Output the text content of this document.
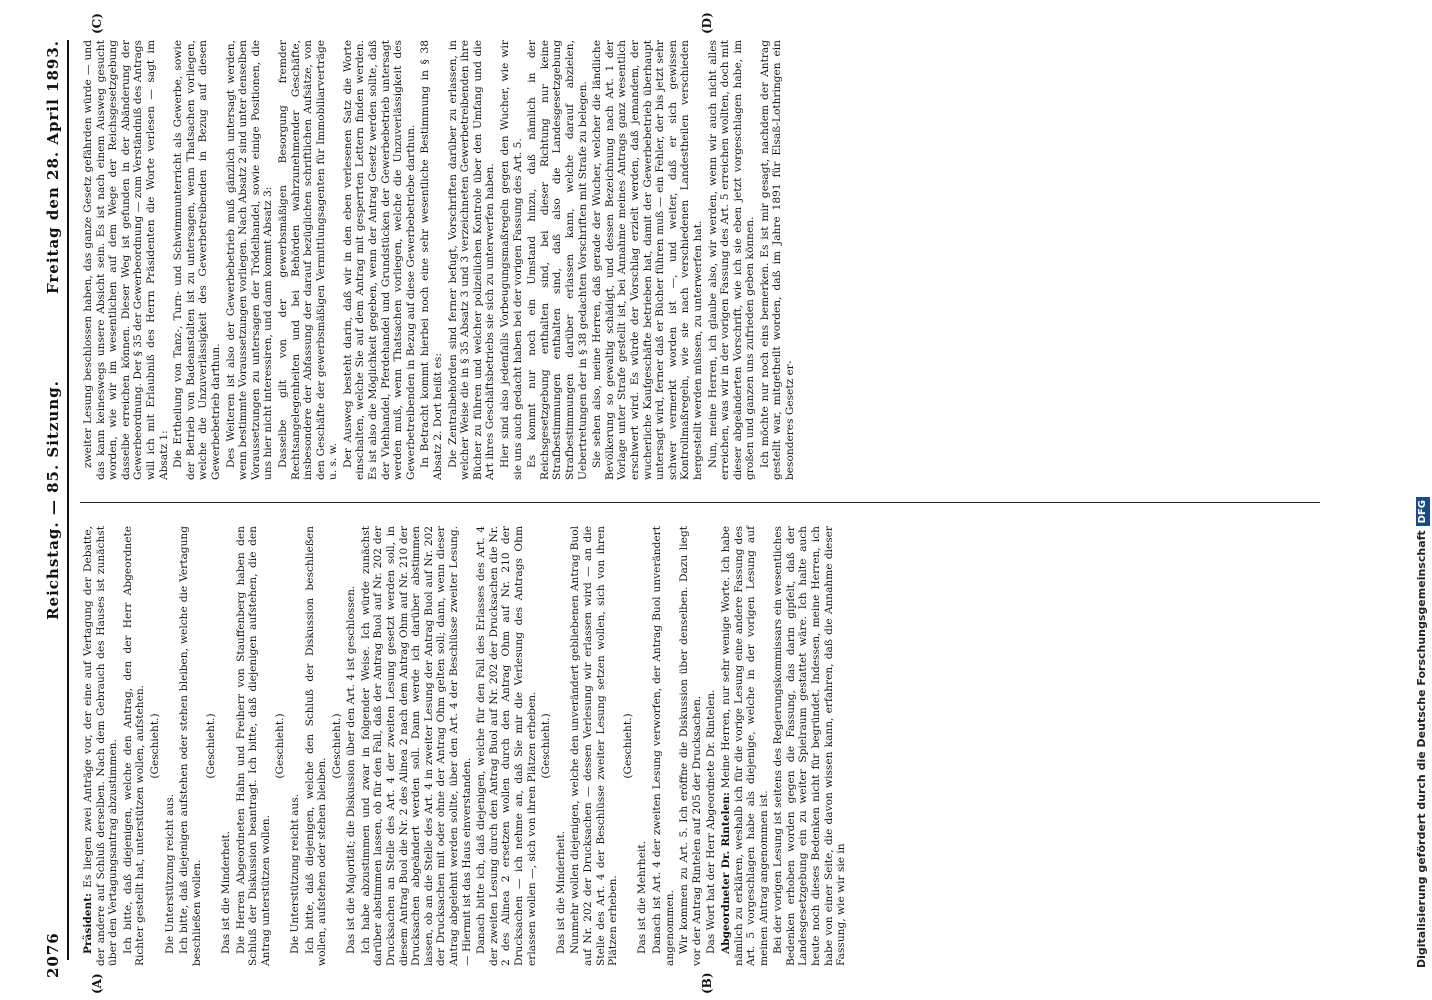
2076
Reichstag. — 85. Sitzung.
Freitag den 28. April 1893.
(A)	(B)
(C)	(D)

Präsident: Es liegen zwei Anträge vor, der eine auf Vertagung der Debatte, der andere auf Schluß derselben. Nach dem Gebrauch des Hauses ist zunächst über den Vertagungsantrag abzustimmen. Ich bitte, daß diejenigen, welche den Antrag, den der Herr Abgeordnete Richter gestellt hat, unterstützen wollen, aufstehen. (Geschieht.)

Die Unterstützung reicht aus. Ich bitte, daß diejenigen aufstehen oder stehen bleiben, welche die Vertagung beschließen wollen.

(Geschieht.)

Das ist die Minderheit. Die Herren Abgeordneten Hahn und Freiherr von Stauffenberg haben den Schluß der Diskussion beantragt. Ich bitte, daß diejenigen aufstehen, die den Antrag unterstützen wollen.

(Geschieht.)

Die Unterstützung reicht aus. Ich bitte, daß diejenigen, welche den Schluß der Diskussion beschließen wollen, aufstehen oder stehen bleiben.

(Geschieht.) Das ist die Majorität; die Diskussion über den Art. 4 ist geschlossen. Ich habe abzustimmen und zwar in folgender Weise. Ich würde zunächst darüber abstimmen lassen, ob für den Fall, daß der Antrag Buol auf Nr. 202 der Drucksachen an Stelle des Art. 4 der zweiten Lesung gesetzt werden soll, in diesem Antrag Buol die Nr. 2 des Alinea 2 nach dem Antrag Ohm auf Nr. 210 der Drucksachen abgeändert werden soll. Dann werde ich darüber abstimmen lassen, ob an die Stelle des Art. 4 in zweiter Lesung der Antrag Buol auf Nr. 202 der Drucksachen mit oder ohne der Antrag Ohm gelten soll; dann, wenn dieser Antrag abgelehnt werden sollte, über den Art. 4 der Beschlüsse zweiter Lesung. — Hiermit ist das Haus einverstanden. Danach bitte ich, daß diejenigen, welche für den Fall des Erlasses des Art. 4 der zweiten Lesung durch den Antrag Buol auf Nr. 202 der Drucksachen die Nr. 2 des Alinea 2 ersetzen wollen durch den Antrag Ohm auf Nr. 210 der Drucksachen — ich nehme an, daß Sie mir die Verlesung des Antrags Ohm erlassen wollen —, sich von ihren Plätzen erheben. (Geschieht.)

Das ist die Minderheit. Nunmehr wollen diejenigen, welche den unverändert gebliebenen Antrag Buol auf Nr. 202 der Drucksachen — dessen Verlesung wir erlassen wird — an die Stelle des Art. 4 der Beschlüsse zweiter Lesung setzen wollen, sich von ihren Plätzen erheben.

(Geschieht.)

Das ist die Mehrheit. Danach ist Art. 4 der zweiten Lesung verworfen, der Antrag Buol unverändert angenommen. Wir kommen zu Art. 5. Ich eröffne die Diskussion über denselben. Dazu liegt vor der Antrag Rintelen auf 205 der Drucksachen. Das Wort hat der Herr Abgeordnete Dr. Rintelen. Abgeordneter Dr. Rintelen: Meine Herren, nur sehr wenige Worte. Ich habe nämlich zu erklären, weshalb ich für die vorige Lesung eine andere Fassung des Art. 5 vorgeschlagen habe als diejenige, welche in der vorigen Lesung auf meinen Antrag angenommen ist. Bei der vorigen Lesung ist seitens des Regierungskommissars ein wesentliches Bedenken erhoben worden gegen die Fassung, das darin gipfelt, daß der Landesgesetzgebung ein zu weiter Spielraum gestattet wäre. Ich halte auch heute noch dieses Bedenken nicht für begründet. Indessen, meine Herren, ich habe von einer Seite, die davon wissen kann, erfahren, daß die Annahme dieser Fassung, wie wir sie in

zweiter Lesung beschlossen haben, das ganze Gesetz gefährden würde — und das kann keineswegs unsere Absicht sein. Es ist nach einem Ausweg gesucht worden, wie wir im wesentlichen auf dem Wege der Reichsgesetzgebung dasselbe erreichen können. Dieser Weg ist gefunden in der Abänderung der Gewerbeordnung. Der § 35 der Gewerbeordnung — zum Verständniß des Antrags will ich mit Erlaubniß des Herrn Präsidenten die Worte verlesen — sagt im Absatz 1: Die Ertheilung von Tanz-, Turn- und Schwimmunterricht als Gewerbe, sowie der Betrieb von Badeanstalten ist zu untersagen, wenn Thatsachen vorliegen, welche die Unzuverlässigkeit des Gewerbetreibenden in Bezug auf diesen Gewerbebetrieb darthun. Des Weiteren ist also der Gewerbebetrieb muß gänzlich untersagt werden, wenn bestimmte Voraussetzungen vorliegen. Nach Absatz 2 sind unter denselben Voraussetzungen zu untersagen der Trödelhandel, sowie einige Positionen, die uns hier nicht interessiren, und dann kommt Absatz 3: Dasselbe gilt von der gewerbsmäßigen Besorgung fremder Rechtsangelegenheiten und bei Behörden wahrzunehmender Geschäfte, insbesondere der Abfassung der darauf bezüglichen schriftlichen Aufsätze, von den Geschäfte der gewerbsmäßigen Vermittlungsagenten für Immobiliarverträge u. s. w. Der Ausweg besteht darin, daß wir in den eben verlesenen Satz die Worte einschalten, welche Sie auf dem Antrag mit gesperrten Lettern finden werden. Es ist also die Möglichkeit gegeben, wenn der Antrag Gesetz werden sollte, daß der Viehhandel, Pferdehandel und Grundstücken der Gewerbebetrieb untersagt werden muß, wenn Thatsachen vorliegen, welche die Unzuverlässigkeit des Gewerbetreibenden in Bezug auf diese Gewerbebetriebe darthun. In Betracht kommt hierbei noch eine sehr wesentliche Bestimmung in § 38 Absatz 2. Dort heißt es: Die Zentralbehörden sind ferner befugt, Vorschriften darüber zu erlassen, in welcher Weise die in § 35 Absatz 3 und 3 verzeichneten Gewerbetreibenden ihre Bücher zu führen und welcher polizeilichen Kontrole über den Umfang und die Art ihres Geschäftsbetriebs sie sich zu unterwerfen haben. Hier sind also jedenfalls Vorbeugungsmaßregeln gegen den Wucher, wie wir sie uns auch gedacht haben bei der vorigen Fassung des Art. 5. Es kommt nur noch ein Umstand hinzu, daß nämlich in der Reichsgesetzgebung enthalten sind, bei dieser Richtung nur keine Strafbestimmungen enthalten sind, daß also die Landesgesetzgebung Strafbestimmungen darüber erlassen kann, welche darauf abzielen, Uebertretungen der in § 38 gedachten Vorschriften mit Strafe zu belegen. Sie sehen also, meine Herren, daß gerade der Wucher, welcher die ländliche Bevölkerung so gewaltig schädigt, und dessen Bezeichnung nach Art. 1 der Vorlage unter Strafe gestellt ist, bei Annahme meines Antrags ganz wesentlich erschwert wird. Es würde der Vorschlag erzielt werden, daß jemandem, der wucherliche Kaufgeschäfte betrieben hat, damit der Gewerbebetrieb überhaupt untersagt wird, ferner daß er Bücher führen muß — ein Fehler, der bis jetzt sehr schwer vermerkt worden ist —, und weiter, daß er sich gewissen Kontrollmaßregeln, wie sie nach verschiedenen Landestheilen verschieden hergestellt werden müssen, zu unterwerfen hat. Nun, meine Herren, ich glaube also, wir werden, wenn wir auch nicht alles erreichen, was wir in der vorigen Fassung des Art. 5 erreichen wollten, doch mit dieser abgeänderten Vorschrift, wie ich sie eben jetzt vorgeschlagen habe, im großen und ganzen uns zufrieden geben können. Ich möchte nur noch eins bemerken. Es ist mir gesagt, nachdem der Antrag gestellt war, mitgetheilt worden, daß im Jahre 1891 für Elsaß-Lothringen ein besonderes Gesetz er-

Digitalisierung gefördert durch die Deutsche ForschungsgemeinschaftDFG
